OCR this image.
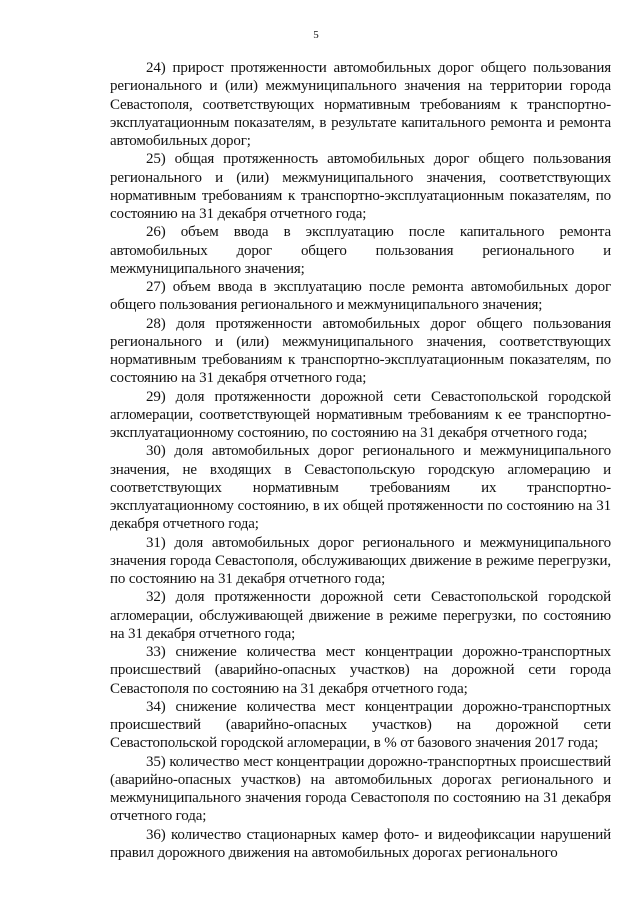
5

24) прирост протяженности автомобильных дорог общего пользования регионального и (или) межмуниципального значения на территории города Севастополя, соответствующих нормативным требованиям к транспортно-эксплуатационным показателям, в результате капитального ремонта и ремонта автомобильных дорог;

25) общая протяженность автомобильных дорог общего пользования регионального и (или) межмуниципального значения, соответствующих нормативным требованиям к транспортно-эксплуатационным показателям, по состоянию на 31 декабря отчетного года;

26) объем ввода в эксплуатацию после капитального ремонта автомобильных дорог общего пользования регионального и межмуниципального значения;

27) объем ввода в эксплуатацию после ремонта автомобильных дорог общего пользования регионального и межмуниципального значения;

28) доля протяженности автомобильных дорог общего пользования регионального и (или) межмуниципального значения, соответствующих нормативным требованиям к транспортно-эксплуатационным показателям, по состоянию на 31 декабря отчетного года;

29) доля протяженности дорожной сети Севастопольской городской агломерации, соответствующей нормативным требованиям к ее транспортно-эксплуатационному состоянию, по состоянию на 31 декабря отчетного года;

30) доля автомобильных дорог регионального и межмуниципального значения, не входящих в Севастопольскую городскую агломерацию и соответствующих нормативным требованиям их транспортно-эксплуатационному состоянию, в их общей протяженности по состоянию на 31 декабря отчетного года;

31) доля автомобильных дорог регионального и межмуниципального значения города Севастополя, обслуживающих движение в режиме перегрузки, по состоянию на 31 декабря отчетного года;

32) доля протяженности дорожной сети Севастопольской городской агломерации, обслуживающей движение в режиме перегрузки, по состоянию на 31 декабря отчетного года;

33) снижение количества мест концентрации дорожно-транспортных происшествий (аварийно-опасных участков) на дорожной сети города Севастополя по состоянию на 31 декабря отчетного года;

34) снижение количества мест концентрации дорожно-транспортных происшествий (аварийно-опасных участков) на дорожной сети Севастопольской городской агломерации, в % от базового значения 2017 года;

35) количество мест концентрации дорожно-транспортных происшествий (аварийно-опасных участков) на автомобильных дорогах регионального и межмуниципального значения города Севастополя по состоянию на 31 декабря отчетного года;

36) количество стационарных камер фото- и видеофиксации нарушений правил дорожного движения на автомобильных дорогах регионального
